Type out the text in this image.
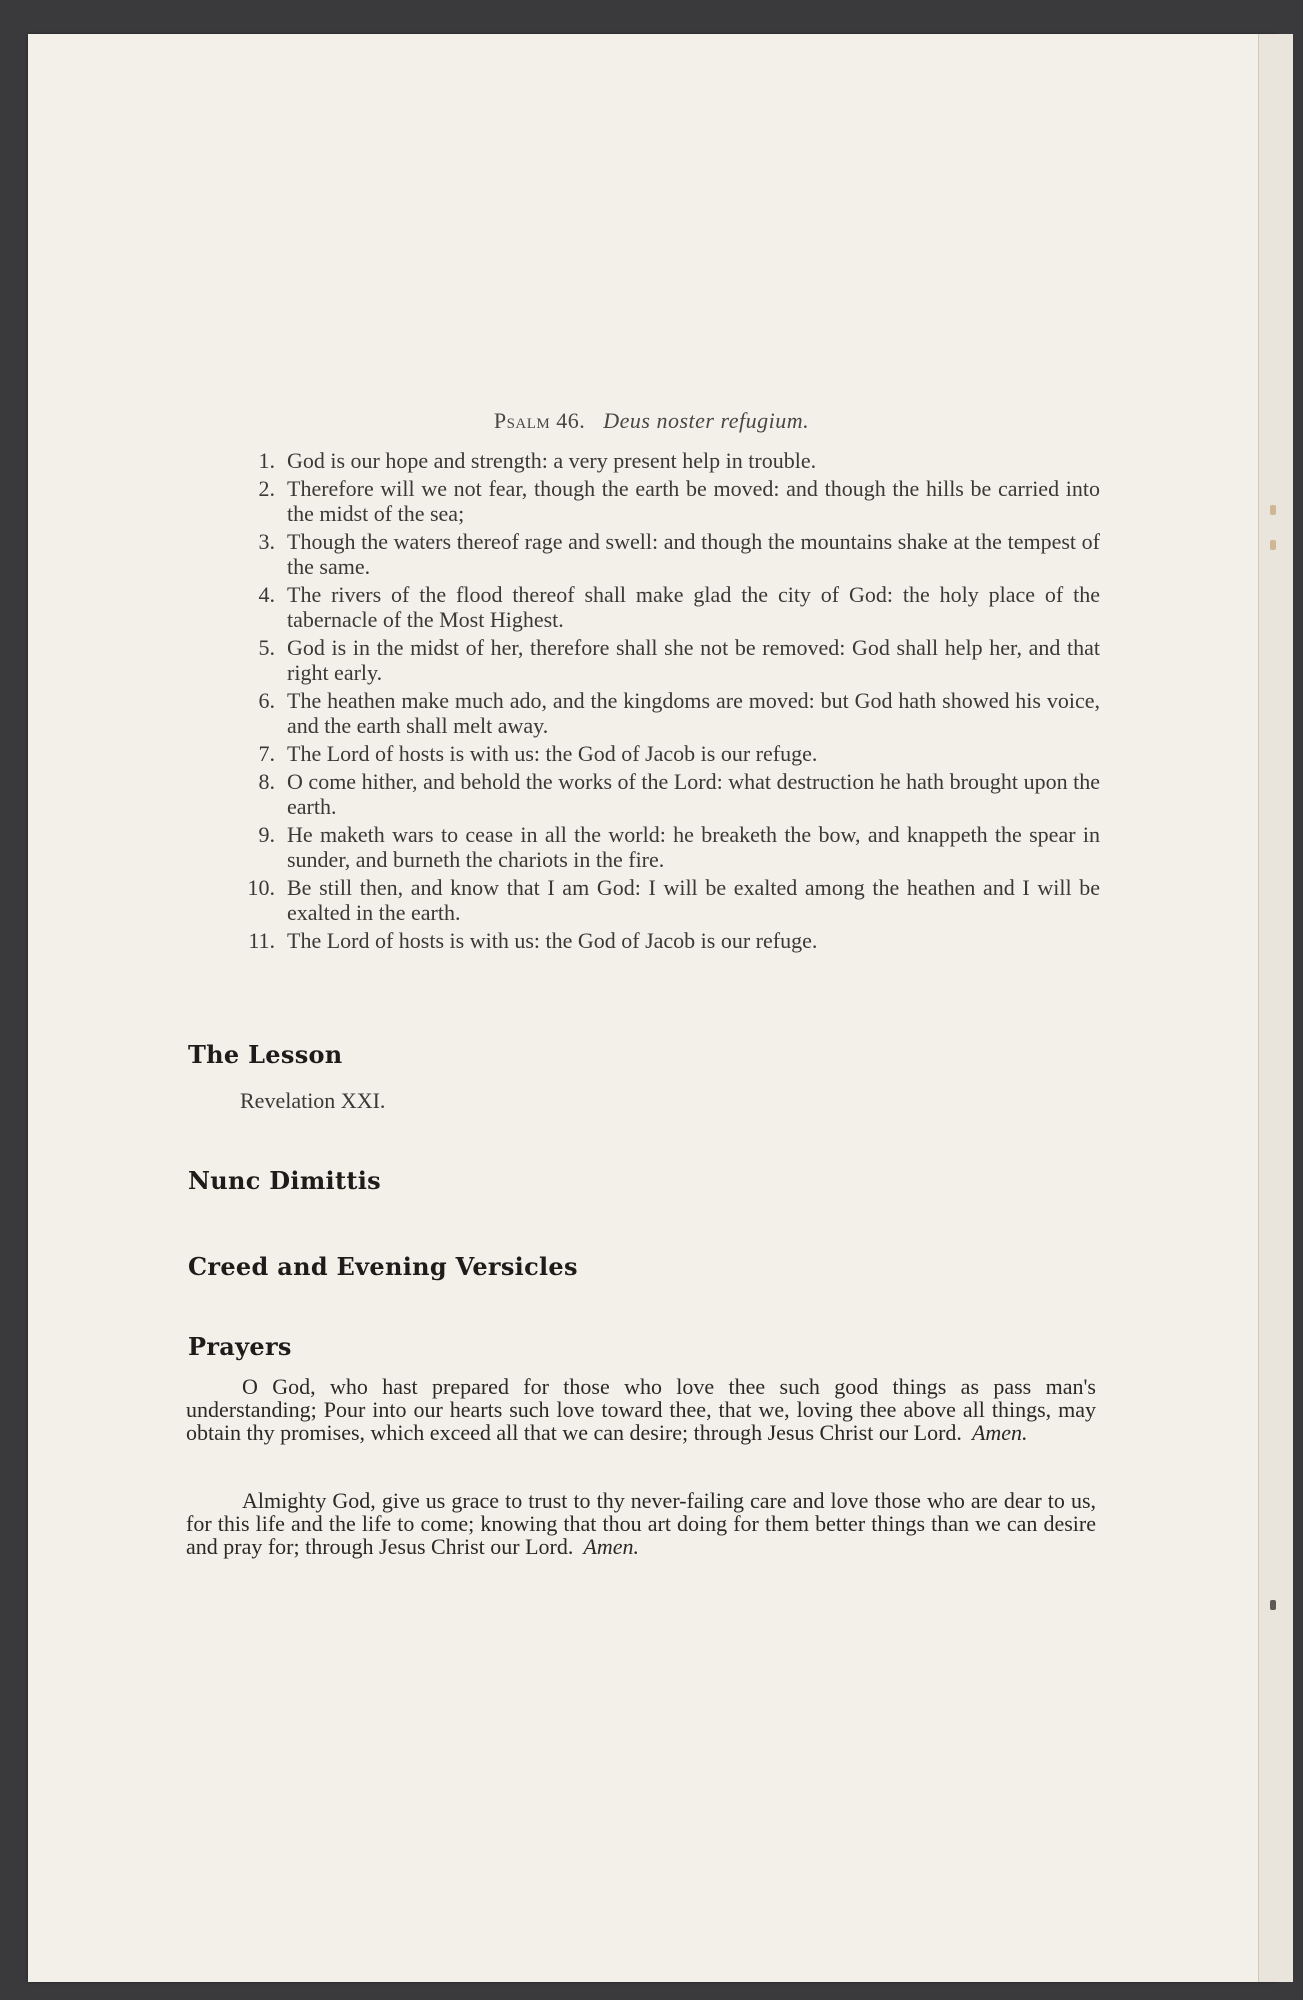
Psalm 46. Deus noster refugium.
1. God is our hope and strength: a very present help in trouble.
2. Therefore will we not fear, though the earth be moved: and though the hills be carried into the midst of the sea;
3. Though the waters thereof rage and swell: and though the mountains shake at the tempest of the same.
4. The rivers of the flood thereof shall make glad the city of God: the holy place of the tabernacle of the Most Highest.
5. God is in the midst of her, therefore shall she not be removed: God shall help her, and that right early.
6. The heathen make much ado, and the kingdoms are moved: but God hath showed his voice, and the earth shall melt away.
7. The Lord of hosts is with us: the God of Jacob is our refuge.
8. O come hither, and behold the works of the Lord: what destruction he hath brought upon the earth.
9. He maketh wars to cease in all the world: he breaketh the bow, and knappeth the spear in sunder, and burneth the chariots in the fire.
10. Be still then, and know that I am God: I will be exalted among the heathen and I will be exalted in the earth.
11. The Lord of hosts is with us: the God of Jacob is our refuge.
The Lesson
Revelation XXI.
Nunc Dimittis
Creed and Evening Versicles
Prayers

O God, who hast prepared for those who love thee such good things as pass man's understanding; Pour into our hearts such love toward thee, that we, loving thee above all things, may obtain thy promises, which exceed all that we can desire; through Jesus Christ our Lord. Amen.

Almighty God, give us grace to trust to thy never-failing care and love those who are dear to us, for this life and the life to come; knowing that thou art doing for them better things than we can desire and pray for; through Jesus Christ our Lord. Amen.
